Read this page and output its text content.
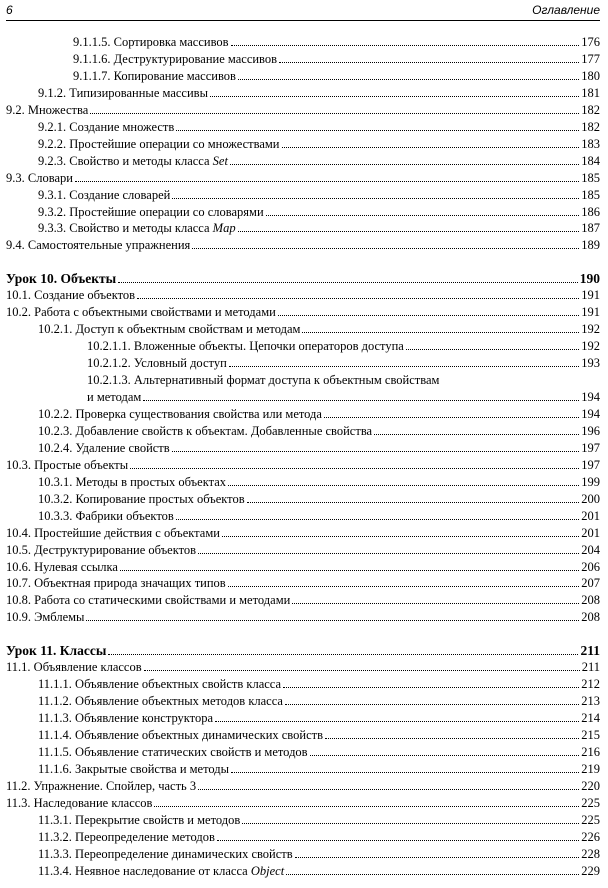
6	Оглавление
9.1.1.5. Сортировка массивов	176
9.1.1.6. Деструктурирование массивов	177
9.1.1.7. Копирование массивов	180
9.1.2. Типизированные массивы	181
9.2. Множества	182
9.2.1. Создание множеств	182
9.2.2. Простейшие операции со множествами	183
9.2.3. Свойство и методы класса Set	184
9.3. Словари	185
9.3.1. Создание словарей	185
9.3.2. Простейшие операции со словарями	186
9.3.3. Свойство и методы класса Map	187
9.4. Самостоятельные упражнения	189
Урок 10. Объекты	190
10.1. Создание объектов	191
10.2. Работа с объектными свойствами и методами	191
10.2.1. Доступ к объектным свойствам и методам	192
10.2.1.1. Вложенные объекты. Цепочки операторов доступа	192
10.2.1.2. Условный доступ	193
10.2.1.3. Альтернативный формат доступа к объектным свойствам
и методам	194
10.2.2. Проверка существования свойства или метода	194
10.2.3. Добавление свойств к объектам. Добавленные свойства	196
10.2.4. Удаление свойств	197
10.3. Простые объекты	197
10.3.1. Методы в простых объектах	199
10.3.2. Копирование простых объектов	200
10.3.3. Фабрики объектов	201
10.4. Простейшие действия с объектами	201
10.5. Деструктурирование объектов	204
10.6. Нулевая ссылка	206
10.7. Объектная природа значащих типов	207
10.8. Работа со статическими свойствами и методами	208
10.9. Эмблемы	208
Урок 11. Классы	211
11.1. Объявление классов	211
11.1.1. Объявление объектных свойств класса	212
11.1.2. Объявление объектных методов класса	213
11.1.3. Объявление конструктора	214
11.1.4. Объявление объектных динамических свойств	215
11.1.5. Объявление статических свойств и методов	216
11.1.6. Закрытые свойства и методы	219
11.2. Упражнение. Спойлер, часть 3	220
11.3. Наследование классов	225
11.3.1. Перекрытие свойств и методов	225
11.3.2. Переопределение методов	226
11.3.3. Переопределение динамических свойств	228
11.3.4. Неявное наследование от класса Object	229
